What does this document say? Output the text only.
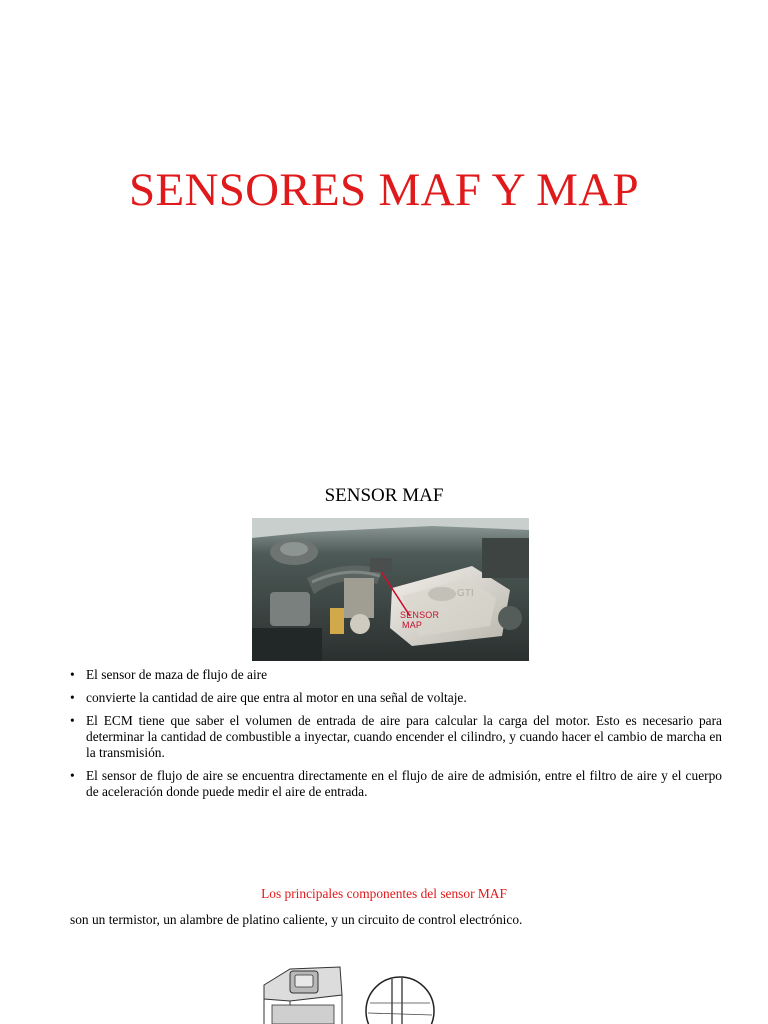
SENSORES MAF Y MAP
SENSOR MAF
GTI
SENSOR
MAP
• El sensor de maza de flujo de aire
• convierte la cantidad de aire que entra al motor en una señal de voltaje.
• El ECM tiene que saber el volumen de entrada de aire para calcular la carga del motor. Esto es necesario para determinar la cantidad de combustible a inyectar, cuando encender el cilindro, y cuando hacer el cambio de marcha en la transmisión.
• El sensor de flujo de aire se encuentra directamente en el flujo de aire de admisión, entre el filtro de aire y el cuerpo de aceleración donde puede medir el aire de entrada.
Los principales componentes del sensor MAF
son un termistor, un alambre de platino caliente, y un circuito de control electrónico.
